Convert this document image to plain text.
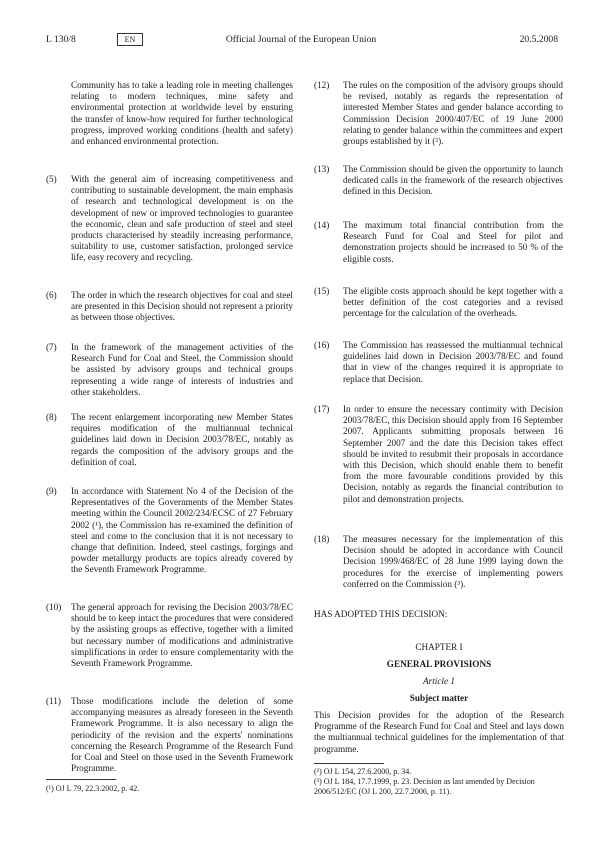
L 130/8	EN	Official Journal of the European Union	20.5.2008
Community has to take a leading role in meeting challenges relating to modern techniques, mine safety and environmental protection at worldwide level by ensuring the transfer of know-how required for further technological progress, improved working conditions (health and safety) and enhanced environmental protection.
(5) With the general aim of increasing competitiveness and contributing to sustainable development, the main emphasis of research and technological development is on the development of new or improved technologies to guarantee the economic, clean and safe production of steel and steel products characterised by steadily increasing performance, suitability to use, customer satisfaction, prolonged service life, easy recovery and recycling.
(6) The order in which the research objectives for coal and steel are presented in this Decision should not represent a priority as between those objectives.
(7) In the framework of the management activities of the Research Fund for Coal and Steel, the Commission should be assisted by advisory groups and technical groups representing a wide range of interests of industries and other stakeholders.
(8) The recent enlargement incorporating new Member States requires modification of the multiannual technical guidelines laid down in Decision 2003/78/EC, notably as regards the composition of the advisory groups and the definition of coal.
(9) In accordance with Statement No 4 of the Decision of the Representatives of the Governments of the Member States meeting within the Council 2002/234/ECSC of 27 February 2002 (¹), the Commission has re-examined the definition of steel and come to the conclusion that it is not necessary to change that definition. Indeed, steel castings, forgings and powder metallurgy products are topics already covered by the Seventh Framework Programme.
(10) The general approach for revising the Decision 2003/78/EC should be to keep intact the procedures that were considered by the assisting groups as effective, together with a limited but necessary number of modifications and administrative simplifications in order to ensure complementarity with the Seventh Framework Programme.
(11) Those modifications include the deletion of some accompanying measures as already foreseen in the Seventh Framework Programme. It is also necessary to align the periodicity of the revision and the experts' nominations concerning the Research Programme of the Research Fund for Coal and Steel on those used in the Seventh Framework Programme.
(¹) OJ L 79, 22.3.2002, p. 42.
(12) The rules on the composition of the advisory groups should be revised, notably as regards the representation of interested Member States and gender balance according to Commission Decision 2000/407/EC of 19 June 2000 relating to gender balance within the committees and expert groups established by it (²).
(13) The Commission should be given the opportunity to launch dedicated calls in the framework of the research objectives defined in this Decision.
(14) The maximum total financial contribution from the Research Fund for Coal and Steel for pilot and demonstration projects should be increased to 50 % of the eligible costs.
(15) The eligible costs approach should be kept together with a better definition of the cost categories and a revised percentage for the calculation of the overheads.
(16) The Commission has reassessed the multiannual technical guidelines laid down in Decision 2003/78/EC and found that in view of the changes required it is appropriate to replace that Decision.
(17) In order to ensure the necessary continuity with Decision 2003/78/EC, this Decision should apply from 16 September 2007. Applicants submitting proposals between 16 September 2007 and the date this Decision takes effect should be invited to resubmit their proposals in accordance with this Decision, which should enable them to benefit from the more favourable conditions provided by this Decision, notably as regards the financial contribution to pilot and demonstration projects.
(18) The measures necessary for the implementation of this Decision should be adopted in accordance with Council Decision 1999/468/EC of 28 June 1999 laying down the procedures for the exercise of implementing powers conferred on the Commission (³).
HAS ADOPTED THIS DECISION:
CHAPTER I
GENERAL PROVISIONS
Article 1
Subject matter
This Decision provides for the adoption of the Research Programme of the Research Fund for Coal and Steel and lays down the multiannual technical guidelines for the implementation of that programme.
(²) OJ L 154, 27.6.2000, p. 34.
(³) OJ L 184, 17.7.1999, p. 23. Decision as last amended by Decision 2006/512/EC (OJ L 200, 22.7.2006, p. 11).
